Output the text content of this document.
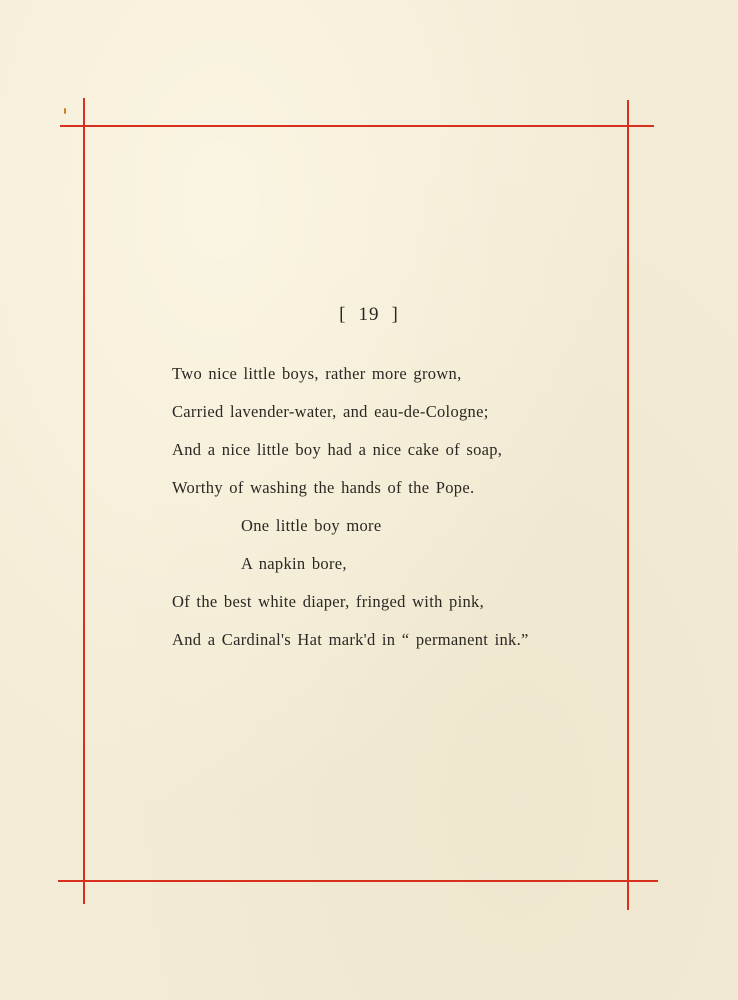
[ 19 ]
Two nice little boys, rather more grown,
Carried lavender-water, and eau-de-Cologne;
And a nice little boy had a nice cake of soap,
Worthy of washing the hands of the Pope.
One little boy more
A napkin bore,
Of the best white diaper, fringed with pink,
And a Cardinal's Hat mark'd in “ permanent ink.”
